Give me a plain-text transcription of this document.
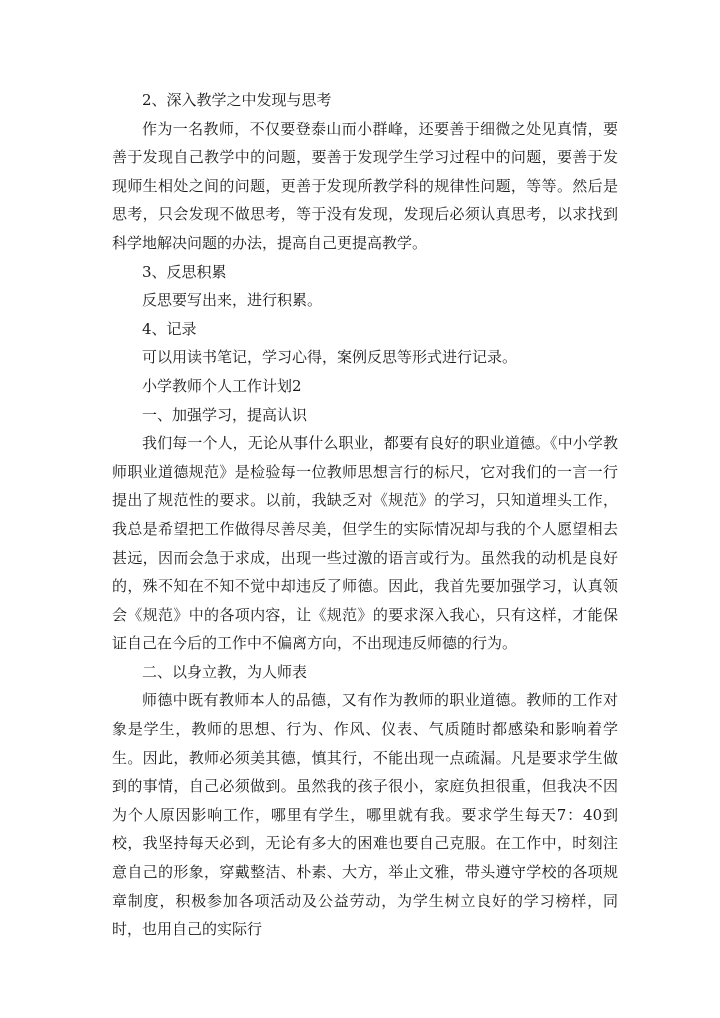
2、深入教学之中发现与思考

作为一名教师，不仅要登泰山而小群峰，还要善于细微之处见真情，要善于发现自己教学中的问题，要善于发现学生学习过程中的问题，要善于发现师生相处之间的问题，更善于发现所教学科的规律性问题，等等。然后是思考，只会发现不做思考，等于没有发现，发现后必须认真思考，以求找到科学地解决问题的办法，提高自己更提高教学。

3、反思积累

反思要写出来，进行积累。

4、记录

可以用读书笔记，学习心得，案例反思等形式进行记录。

小学教师个人工作计划2

一、加强学习，提高认识

我们每一个人，无论从事什么职业，都要有良好的职业道德。《中小学教师职业道德规范》是检验每一位教师思想言行的标尺，它对我们的一言一行提出了规范性的要求。以前，我缺乏对《规范》的学习，只知道埋头工作，我总是希望把工作做得尽善尽美，但学生的实际情况却与我的个人愿望相去甚远，因而会急于求成，出现一些过激的语言或行为。虽然我的动机是良好的，殊不知在不知不觉中却违反了师德。因此，我首先要加强学习，认真领会《规范》中的各项内容，让《规范》的要求深入我心，只有这样，才能保证自己在今后的工作中不偏离方向，不出现违反师德的行为。

二、以身立教，为人师表

师德中既有教师本人的品德，又有作为教师的职业道德。教师的工作对象是学生，教师的思想、行为、作风、仪表、气质随时都感染和影响着学生。因此，教师必须美其德，慎其行，不能出现一点疏漏。凡是要求学生做到的事情，自己必须做到。虽然我的孩子很小，家庭负担很重，但我决不因为个人原因影响工作，哪里有学生，哪里就有我。要求学生每天7：40到校，我坚持每天必到，无论有多大的困难也要自己克服。在工作中，时刻注意自己的形象，穿戴整洁、朴素、大方，举止文雅，带头遵守学校的各项规章制度，积极参加各项活动及公益劳动，为学生树立良好的学习榜样，同时，也用自己的实际行
